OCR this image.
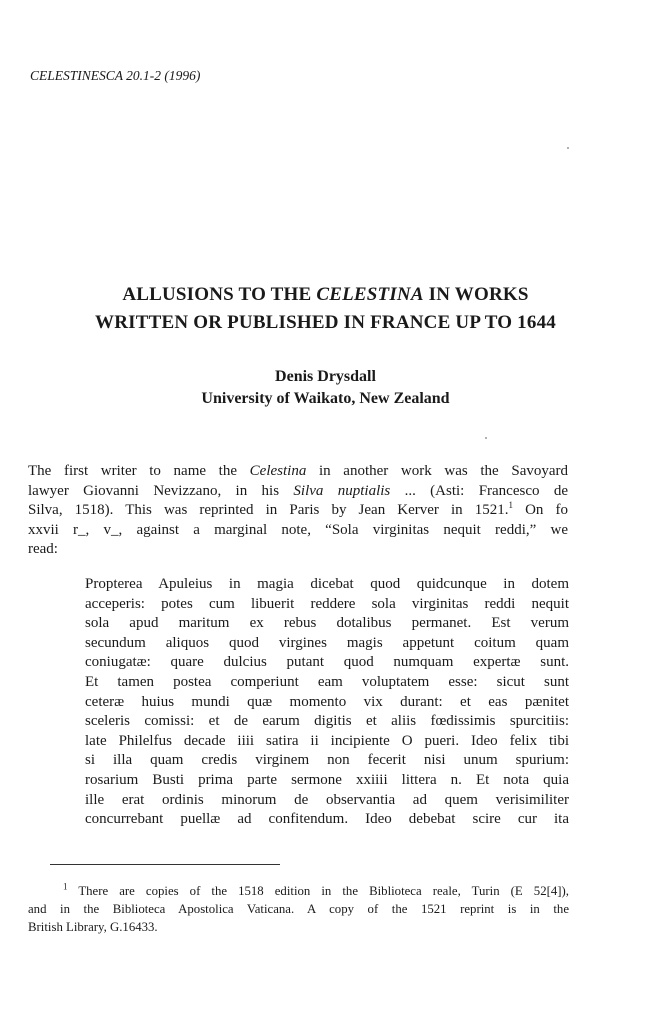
CELESTINESCA 20.1-2 (1996)
ALLUSIONS TO THE CELESTINA IN WORKS
WRITTEN OR PUBLISHED IN FRANCE UP TO 1644
Denis Drysdall
University of Waikato, New Zealand
The first writer to name the Celestina in another work was the Savoyard
lawyer Giovanni Nevizzano, in his Silva nuptialis ... (Asti: Francesco de
Silva, 1518). This was reprinted in Paris by Jean Kerver in 1521.$^1$ On fo
xxvii r_, v_, against a marginal note, “Sola virginitas nequit reddi,” we
read:
Propterea Apuleius in magia dicebat quod quidcunque in dotem
acceperis: potes cum libuerit reddere sola virginitas reddi nequit
sola apud maritum ex rebus dotalibus permanet. Est verum
secundum aliquos quod virgines magis appetunt coitum quam
coniugatæ: quare dulcius putant quod numquam expertæ sunt.
Et tamen postea comperiunt eam voluptatem esse: sicut sunt
ceteræ huius mundi quæ momento vix durant: et eas pænitet
sceleris comissi: et de earum digitis et aliis fœdissimis spurcitiis:
late Philelfus decade iiii satira ii incipiente O pueri. Ideo felix tibi
si illa quam credis virginem non fecerit nisi unum spurium:
rosarium Busti prima parte sermone xxiiii littera n. Et nota quia
ille erat ordinis minorum de observantia ad quem verisimiliter
concurrebant puellæ ad confitendum. Ideo debebat scire cur ita
$^1$ There are copies of the 1518 edition in the Biblioteca reale, Turin (E 52[4]),
and in the Biblioteca Apostolica Vaticana. A copy of the 1521 reprint is in the
British Library, G.16433.
